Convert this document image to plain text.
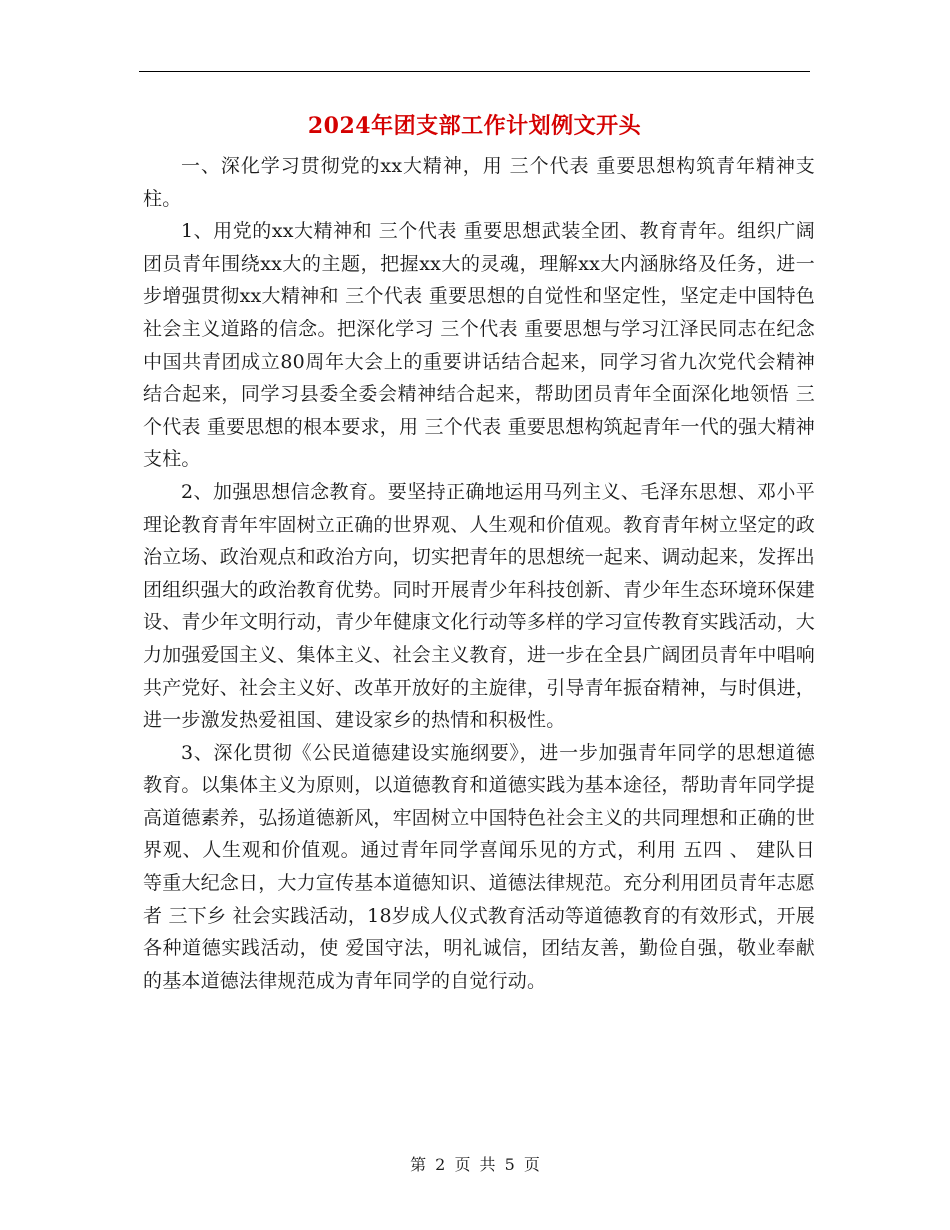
2024年团支部工作计划例文开头

一、深化学习贯彻党的xx大精神，用 三个代表 重要思想构筑青年精神支柱。

1、用党的xx大精神和 三个代表 重要思想武装全团、教育青年。组织广阔团员青年围绕xx大的主题，把握xx大的灵魂，理解xx大内涵脉络及任务，进一步增强贯彻xx大精神和 三个代表 重要思想的自觉性和坚定性，坚定走中国特色社会主义道路的信念。把深化学习 三个代表 重要思想与学习江泽民同志在纪念中国共青团成立80周年大会上的重要讲话结合起来，同学习省九次党代会精神结合起来，同学习县委全委会精神结合起来，帮助团员青年全面深化地领悟 三个代表 重要思想的根本要求，用 三个代表 重要思想构筑起青年一代的强大精神支柱。

2、加强思想信念教育。要坚持正确地运用马列主义、毛泽东思想、邓小平理论教育青年牢固树立正确的世界观、人生观和价值观。教育青年树立坚定的政治立场、政治观点和政治方向，切实把青年的思想统一起来、调动起来，发挥出团组织强大的政治教育优势。同时开展青少年科技创新、青少年生态环境环保建设、青少年文明行动，青少年健康文化行动等多样的学习宣传教育实践活动，大力加强爱国主义、集体主义、社会主义教育，进一步在全县广阔团员青年中唱响共产党好、社会主义好、改革开放好的主旋律，引导青年振奋精神，与时俱进，进一步激发热爱祖国、建设家乡的热情和积极性。

3、深化贯彻《公民道德建设实施纲要》，进一步加强青年同学的思想道德教育。以集体主义为原则，以道德教育和道德实践为基本途径，帮助青年同学提高道德素养，弘扬道德新风，牢固树立中国特色社会主义的共同理想和正确的世界观、人生观和价值观。通过青年同学喜闻乐见的方式，利用 五四 、 建队日 等重大纪念日，大力宣传基本道德知识、道德法律规范。充分利用团员青年志愿者 三下乡 社会实践活动，18岁成人仪式教育活动等道德教育的有效形式，开展各种道德实践活动，使 爱国守法，明礼诚信，团结友善，勤俭自强，敬业奉献 的基本道德法律规范成为青年同学的自觉行动。

第 2 页 共 5 页
